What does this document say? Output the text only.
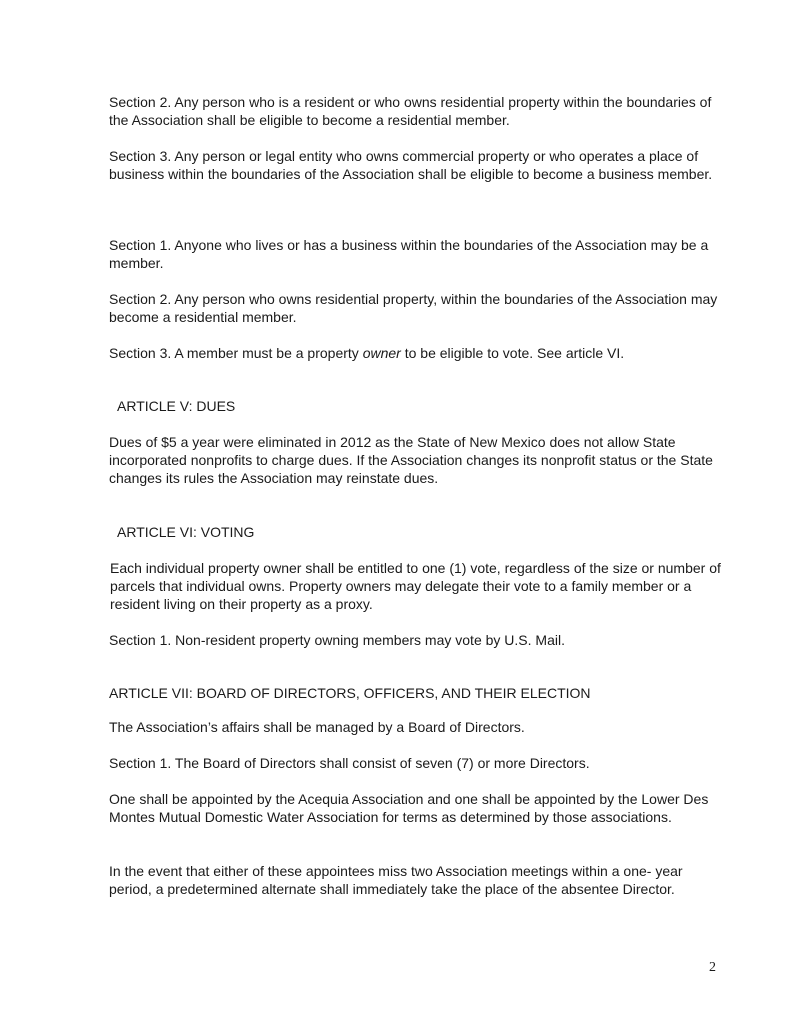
Section 2. Any person who is a resident or who owns residential property within the boundaries of the Association shall be eligible to become a residential member.

Section 3. Any person or legal entity who owns commercial property or who operates a place of business within the boundaries of the Association shall be eligible to become a business member.

Section 1. Anyone who lives or has a business within the boundaries of the Association may be a member.

Section 2. Any person who owns residential property, within the boundaries of the Association may become a residential member.

Section 3. A member must be a property owner to be eligible to vote. See article VI.

ARTICLE V: DUES

Dues of $5 a year were eliminated in 2012 as the State of New Mexico does not allow State incorporated nonprofits to charge dues. If the Association changes its nonprofit status or the State changes its rules the Association may reinstate dues.

ARTICLE VI: VOTING

Each individual property owner shall be entitled to one (1) vote, regardless of the size or number of parcels that individual owns. Property owners may delegate their vote to a family member or a resident living on their property as a proxy.

Section 1. Non-resident property owning members may vote by U.S. Mail.

ARTICLE VII: BOARD OF DIRECTORS, OFFICERS, AND THEIR ELECTION

The Association’s affairs shall be managed by a Board of Directors.

Section 1. The Board of Directors shall consist of seven (7) or more Directors.

One shall be appointed by the Acequia Association and one shall be appointed by the Lower Des Montes Mutual Domestic Water Association for terms as determined by those associations.

In the event that either of these appointees miss two Association meetings within a one- year period, a predetermined alternate shall immediately take the place of the absentee Director.

2
